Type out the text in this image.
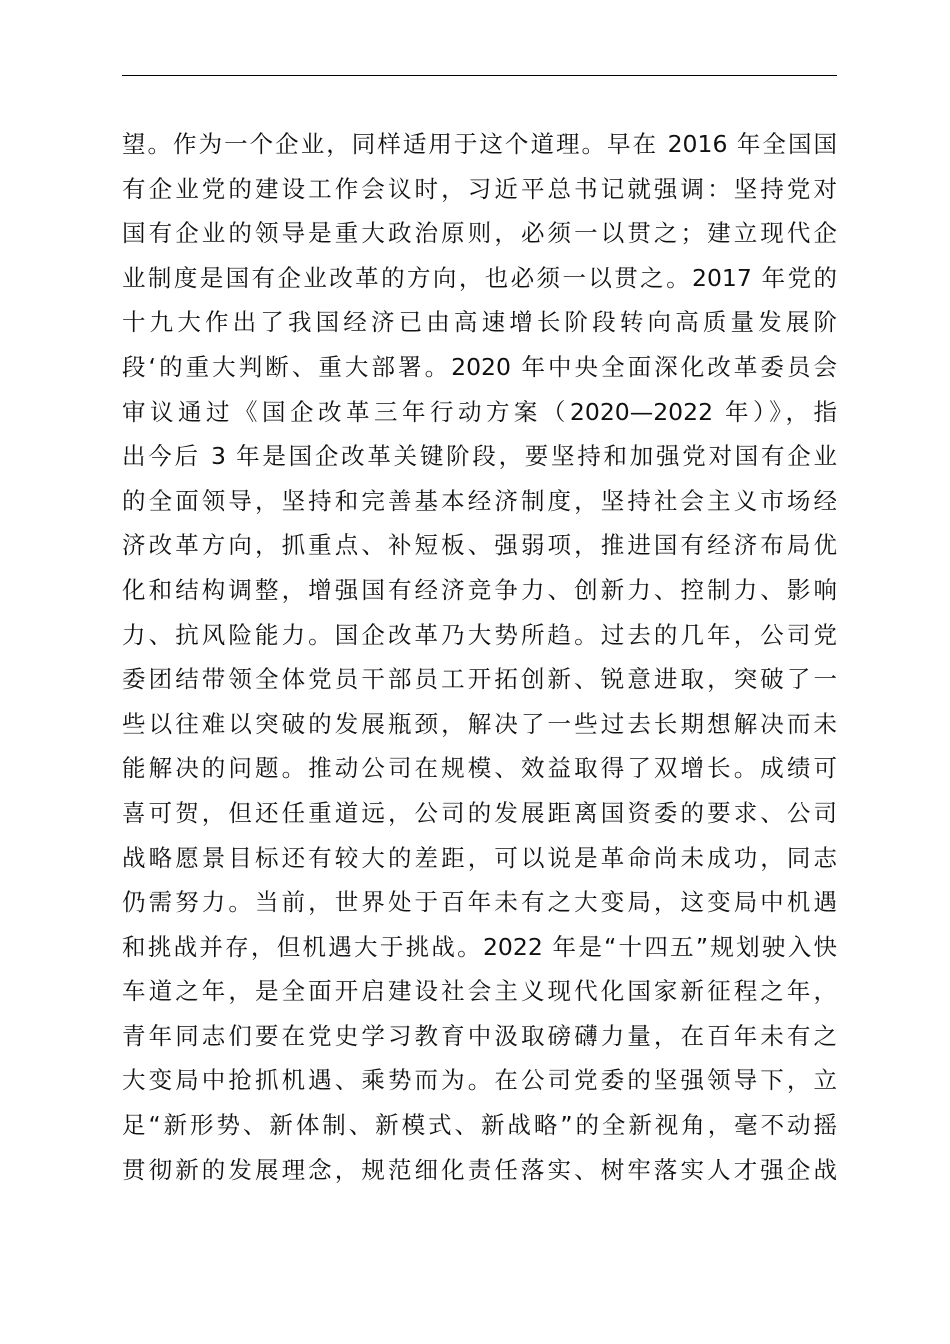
望。作为一个企业，同样适用于这个道理。早在 2016 年全国国
有企业党的建设工作会议时，习近平总书记就强调：坚持党对
国有企业的领导是重大政治原则，必须一以贯之；建立现代企
业制度是国有企业改革的方向，也必须一以贯之。2017 年党的
十九大作出了我国经济已由高速增长阶段转向高质量发展阶
段‘的重大判断、重大部署。2020 年中央全面深化改革委员会
审议通过《国企改革三年行动方案（2020—2022 年）》，指
出今后 3 年是国企改革关键阶段，要坚持和加强党对国有企业
的全面领导，坚持和完善基本经济制度，坚持社会主义市场经
济改革方向，抓重点、补短板、强弱项，推进国有经济布局优
化和结构调整，增强国有经济竞争力、创新力、控制力、影响
力、抗风险能力。国企改革乃大势所趋。过去的几年，公司党
委团结带领全体党员干部员工开拓创新、锐意进取，突破了一
些以往难以突破的发展瓶颈，解决了一些过去长期想解决而未
能解决的问题。推动公司在规模、效益取得了双增长。成绩可
喜可贺，但还任重道远，公司的发展距离国资委的要求、公司
战略愿景目标还有较大的差距，可以说是革命尚未成功，同志
仍需努力。当前，世界处于百年未有之大变局，这变局中机遇
和挑战并存，但机遇大于挑战。2022 年是“十四五”规划驶入快
车道之年，是全面开启建设社会主义现代化国家新征程之年，
青年同志们要在党史学习教育中汲取磅礴力量，在百年未有之
大变局中抢抓机遇、乘势而为。在公司党委的坚强领导下，立
足“新形势、新体制、新模式、新战略”的全新视角，毫不动摇
贯彻新的发展理念，规范细化责任落实、树牢落实人才强企战
